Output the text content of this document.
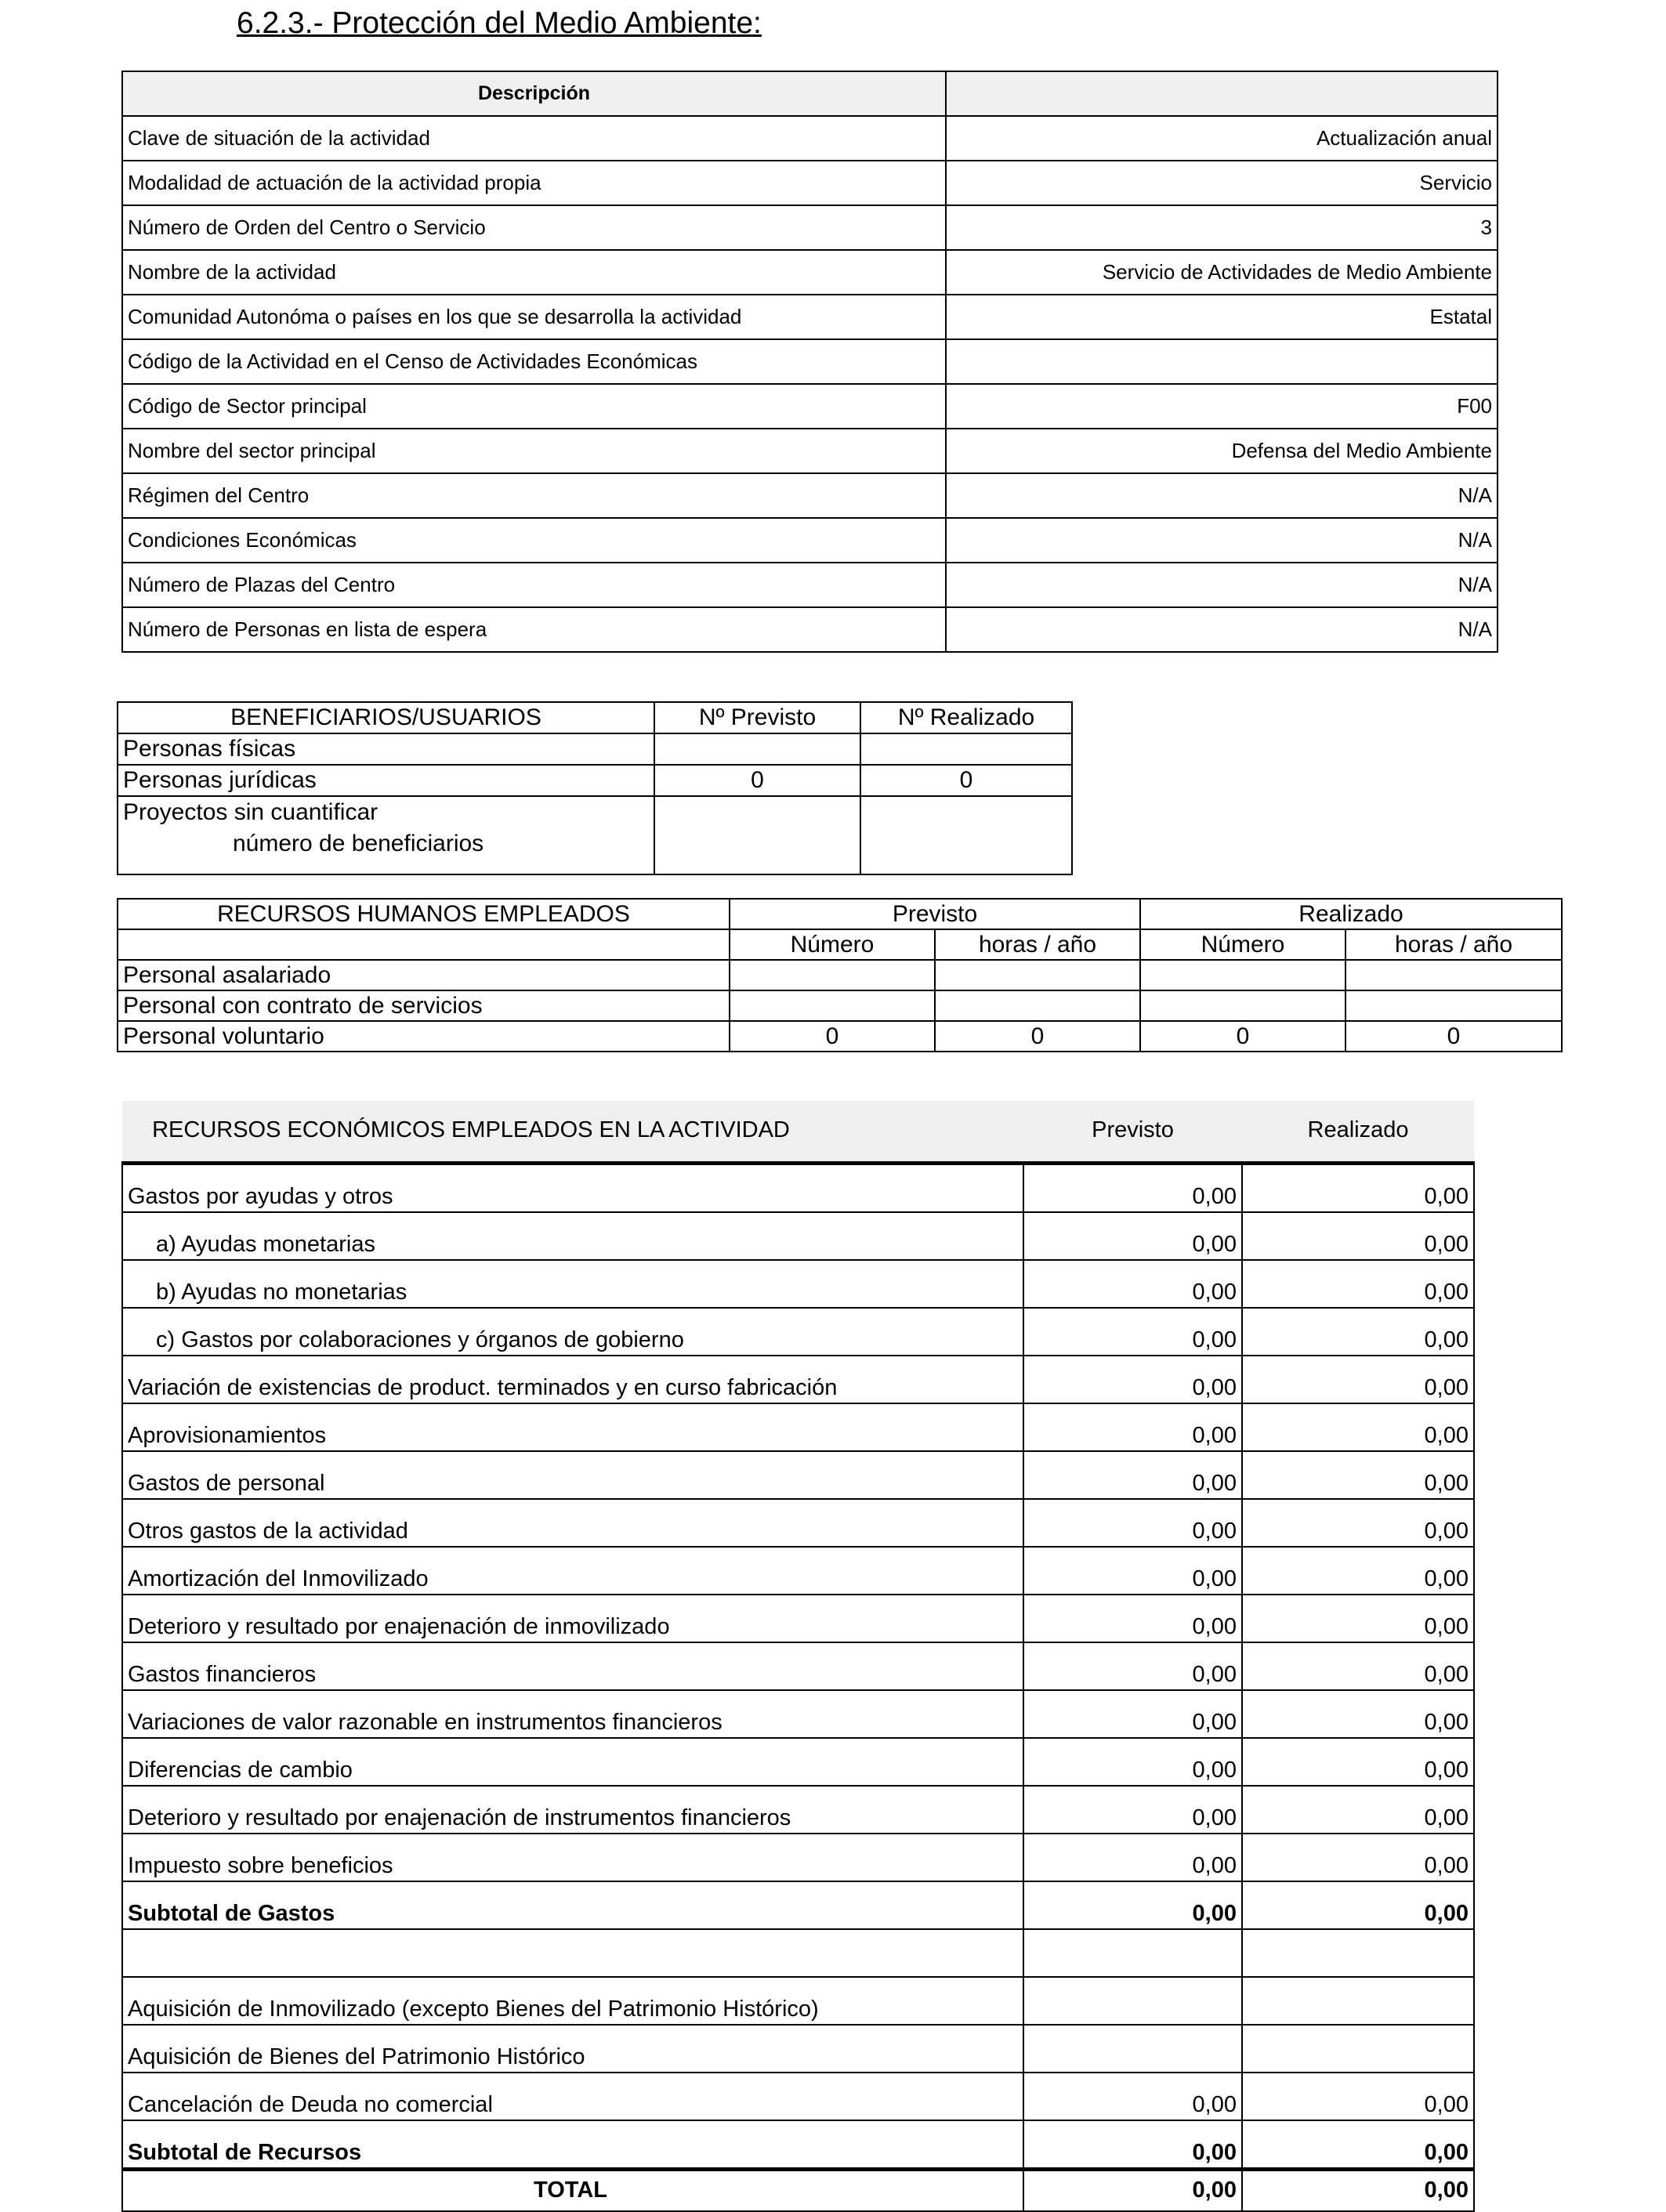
6.2.3.- Protección del Medio Ambiente:
Descripción	
Clave de situación de la actividad	Actualización anual
Modalidad de actuación de la actividad propia	Servicio
Número de Orden del Centro o Servicio	3
Nombre de la actividad	Servicio de Actividades de Medio Ambiente
Comunidad Autonóma o países en los que se desarrolla la actividad	Estatal
Código de la Actividad en el Censo de Actividades Económicas	
Código de Sector principal	F00
Nombre del sector principal	Defensa del Medio Ambiente
Régimen del Centro	N/A
Condiciones Económicas	N/A
Número de Plazas del Centro	N/A
Número de Personas en lista de espera	N/A
BENEFICIARIOS/USUARIOS	Nº Previsto	Nº Realizado
Personas físicas		
Personas jurídicas	0	0

Proyectos sin cuantificar
número de beneficiarios		

RECURSOS HUMANOS EMPLEADOS	Previsto		Realizado	
	Número	horas / año	Número	horas / año
Personal asalariado				
Personal con contrato de servicios				
Personal voluntario	0	0	0	0
RECURSOS ECONÓMICOS EMPLEADOS EN LA ACTIVIDAD	Previsto	Realizado
Gastos por ayudas y otros	0,00	0,00
a) Ayudas monetarias	0,00	0,00
b) Ayudas no monetarias	0,00	0,00
c) Gastos por colaboraciones y órganos de gobierno	0,00	0,00
Variación de existencias de product. terminados y en curso fabricación	0,00	0,00
Aprovisionamientos	0,00	0,00
Gastos de personal	0,00	0,00
Otros gastos de la actividad	0,00	0,00
Amortización del Inmovilizado	0,00	0,00
Deterioro y resultado por enajenación de inmovilizado	0,00	0,00
Gastos financieros	0,00	0,00
Variaciones de valor razonable en instrumentos financieros	0,00	0,00
Diferencias de cambio	0,00	0,00
Deterioro y resultado por enajenación de instrumentos financieros	0,00	0,00
Impuesto sobre beneficios	0,00	0,00
Subtotal de Gastos	0,00	0,00

Aquisición de Inmovilizado (excepto Bienes del Patrimonio Histórico)		
Aquisición de Bienes del Patrimonio Histórico		
Cancelación de Deuda no comercial	0,00	0,00
Subtotal de Recursos	0,00	0,00
TOTAL	0,00	0,00
